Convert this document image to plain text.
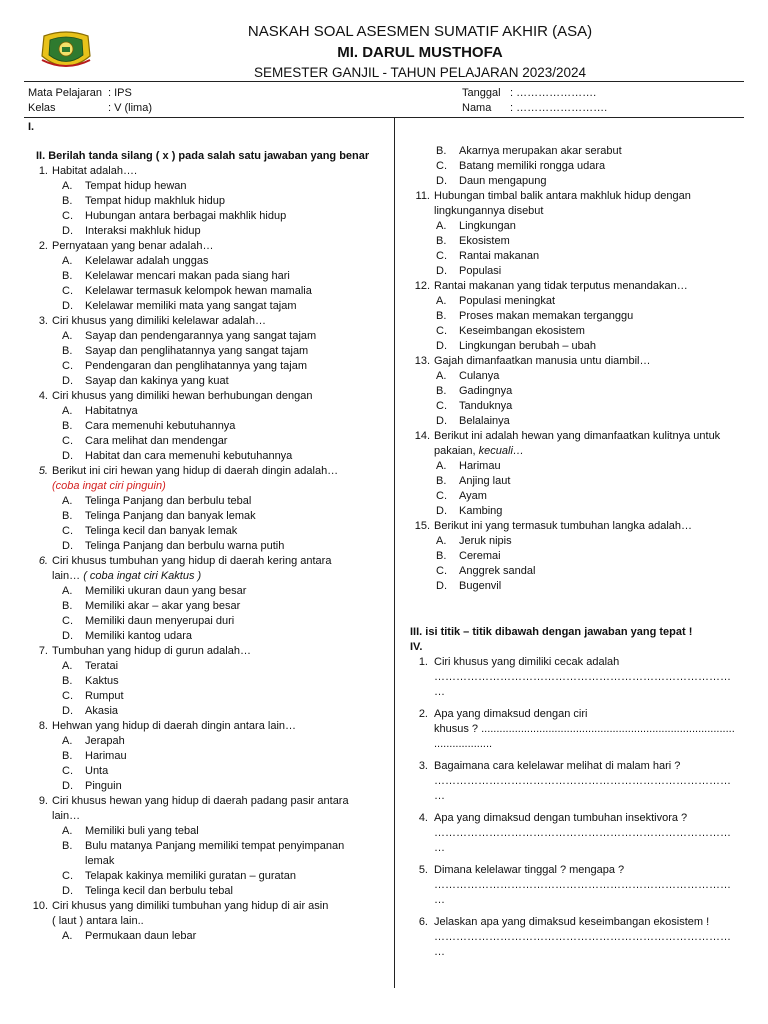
NASKAH SOAL ASESMEN SUMATIF AKHIR (ASA)
MI. DARUL MUSTHOFA
SEMESTER GANJIL - TAHUN PELAJARAN 2023/2024
Mata Pelajaran : IPS
Kelas	: V (lima)
Tanggal : ………………….
Nama : …………………….
I.
II. Berilah tanda silang ( x ) pada salah satu jawaban yang benar
1. Habitat adalah….
A. Tempat hidup hewan
B. Tempat hidup makhluk hidup
C. Hubungan antara berbagai makhlik hidup
D. Interaksi makhluk hidup
2. Pernyataan yang benar adalah…
A. Kelelawar adalah unggas
B. Kelelawar mencari makan pada siang hari
C. Kelelawar termasuk kelompok hewan mamalia
D. Kelelawar memiliki mata yang sangat tajam
3. Ciri khusus yang dimiliki kelelawar adalah…
A. Sayap dan pendengarannya yang sangat tajam
B. Sayap dan penglihatannya yang sangat tajam
C. Pendengaran dan penglihatannya yang tajam
D. Sayap dan kakinya yang kuat
4. Ciri khusus yang dimiliki hewan berhubungan dengan
A. Habitatnya
B. Cara memenuhi kebutuhannya
C. Cara melihat dan mendengar
D. Habitat dan cara memenuhi kebutuhannya
5. Berikut ini ciri hewan yang hidup di daerah dingin adalah…
(coba ingat ciri pinguin)
A. Telinga Panjang dan berbulu tebal
B. Telinga Panjang dan banyak lemak
C. Telinga kecil dan banyak lemak
D. Telinga Panjang dan berbulu warna putih
6. Ciri khusus tumbuhan yang hidup di daerah kering antara
lain… ( coba ingat ciri Kaktus )
A. Memiliki ukuran daun yang besar
B. Memiliki akar – akar yang besar
C. Memiliki daun menyerupai duri
D. Memiliki kantog udara
7. Tumbuhan yang hidup di gurun adalah…
A. Teratai
B. Kaktus
C. Rumput
D. Akasia
8. Hehwan yang hidup di daerah dingin antara lain…
A. Jerapah
B. Harimau
C. Unta
D. Pinguin
9. Ciri khusus hewan yang hidup di daerah padang pasir antara
lain…
A. Memiliki buli yang tebal
B. Bulu matanya Panjang memiliki tempat penyimpanan
lemak
C. Telapak kakinya memiliki guratan – guratan
D. Telinga kecil dan berbulu tebal
10. Ciri khusus yang dimiliki tumbuhan yang hidup di air asin
( laut ) antara lain..
A. Permukaan daun lebar
B. Akarnya merupakan akar serabut
C. Batang memiliki rongga udara
D. Daun mengapung
11. Hubungan timbal balik antara makhluk hidup dengan
lingkungannya disebut
A. Lingkungan
B. Ekosistem
C. Rantai makanan
D. Populasi
12. Rantai makanan yang tidak terputus menandakan…
A. Populasi meningkat
B. Proses makan memakan terganggu
C. Keseimbangan ekosistem
D. Lingkungan berubah – ubah
13. Gajah dimanfaatkan manusia untu diambil…
A. Culanya
B. Gadingnya
C. Tanduknya
D. Belalainya
14. Berikut ini adalah hewan yang dimanfaatkan kulitnya untuk
pakaian, kecuali…
A. Harimau
B. Anjing laut
C. Ayam
D. Kambing
15. Berikut ini yang termasuk tumbuhan langka adalah…
A. Jeruk nipis
B. Ceremai
C. Anggrek sandal
D. Bugenvil
III. isi titik – titik dibawah dengan jawaban yang tepat !
IV.
1. Ciri khusus yang dimiliki cecak adalah
………………………………………………………………………
…
2. Apa yang dimaksud dengan ciri
khusus ? ...................................................................................
...................
3. Bagaimana cara kelelawar melihat di malam hari ?
………………………………………………………………………
…
4. Apa yang dimaksud dengan tumbuhan insektivora ?
………………………………………………………………………
…
5. Dimana kelelawar tinggal ? mengapa ?
………………………………………………………………………
…
6. Jelaskan apa yang dimaksud keseimbangan ekosistem !
………………………………………………………………………
…
